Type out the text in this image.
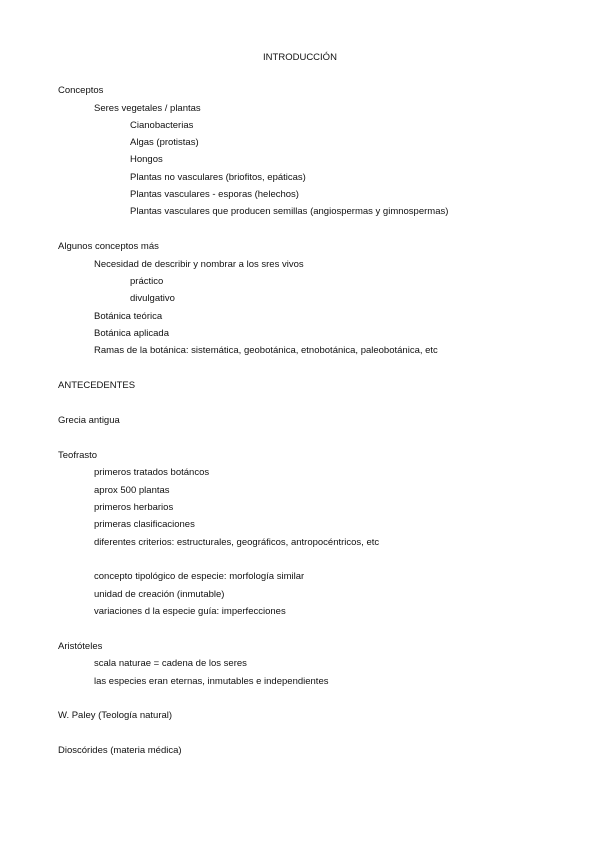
INTRODUCCIÓN
Conceptos
Seres vegetales / plantas
Cianobacterias
Algas (protistas)
Hongos
Plantas no vasculares (briofitos, epáticas)
Plantas vasculares - esporas (helechos)
Plantas vasculares que producen semillas (angiospermas y gimnospermas)
Algunos conceptos más
Necesidad de describir y nombrar a los sres vivos
práctico
divulgativo
Botánica teórica
Botánica aplicada
Ramas de la botánica: sistemática, geobotánica, etnobotánica, paleobotánica, etc
ANTECEDENTES
Grecia antigua
Teofrasto
primeros tratados botáncos
aprox 500 plantas
primeros herbarios
primeras clasificaciones
diferentes criterios: estructurales, geográficos, antropocéntricos, etc
concepto tipológico de especie: morfología similar
unidad de creación (inmutable)
variaciones d la especie guía: imperfecciones
Aristóteles
scala naturae = cadena de los seres
las especies eran eternas, inmutables e independientes
W. Paley (Teología natural)
Dioscórides (materia médica)
